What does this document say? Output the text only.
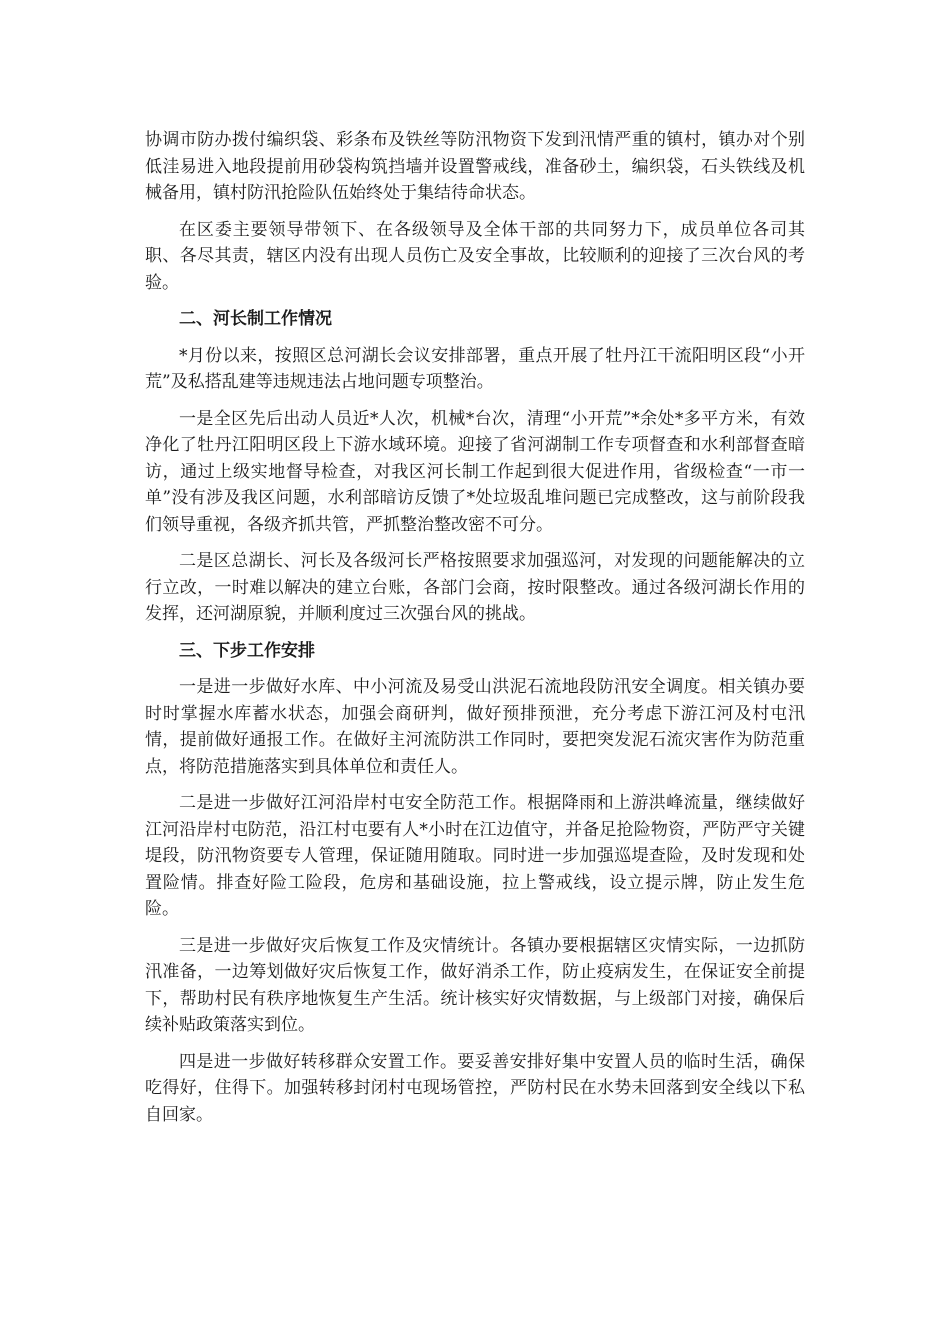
协调市防办拨付编织袋、彩条布及铁丝等防汛物资下发到汛情严重的镇村，镇办对个别低洼易进入地段提前用砂袋构筑挡墙并设置警戒线，准备砂土，编织袋，石头铁线及机械备用，镇村防汛抢险队伍始终处于集结待命状态。

在区委主要领导带领下、在各级领导及全体干部的共同努力下，成员单位各司其职、各尽其责，辖区内没有出现人员伤亡及安全事故，比较顺利的迎接了三次台风的考验。

二、河长制工作情况

*月份以来，按照区总河湖长会议安排部署，重点开展了牡丹江干流阳明区段“小开荒”及私搭乱建等违规违法占地问题专项整治。

一是全区先后出动人员近*人次，机械*台次，清理“小开荒”*余处*多平方米，有效净化了牡丹江阳明区段上下游水域环境。迎接了省河湖制工作专项督查和水利部督查暗访，通过上级实地督导检查，对我区河长制工作起到很大促进作用，省级检查“一市一单”没有涉及我区问题，水利部暗访反馈了*处垃圾乱堆问题已完成整改，这与前阶段我们领导重视，各级齐抓共管，严抓整治整改密不可分。

二是区总湖长、河长及各级河长严格按照要求加强巡河，对发现的问题能解决的立行立改，一时难以解决的建立台账，各部门会商，按时限整改。通过各级河湖长作用的发挥，还河湖原貌，并顺利度过三次强台风的挑战。

三、下步工作安排

一是进一步做好水库、中小河流及易受山洪泥石流地段防汛安全调度。相关镇办要时时掌握水库蓄水状态，加强会商研判，做好预排预泄，充分考虑下游江河及村屯汛情，提前做好通报工作。在做好主河流防洪工作同时，要把突发泥石流灾害作为防范重点，将防范措施落实到具体单位和责任人。

二是进一步做好江河沿岸村屯安全防范工作。根据降雨和上游洪峰流量，继续做好江河沿岸村屯防范，沿江村屯要有人*小时在江边值守，并备足抢险物资，严防严守关键堤段，防汛物资要专人管理，保证随用随取。同时进一步加强巡堤查险，及时发现和处置险情。排查好险工险段，危房和基础设施，拉上警戒线，设立提示牌，防止发生危险。

三是进一步做好灾后恢复工作及灾情统计。各镇办要根据辖区灾情实际，一边抓防汛准备，一边筹划做好灾后恢复工作，做好消杀工作，防止疫病发生，在保证安全前提下，帮助村民有秩序地恢复生产生活。统计核实好灾情数据，与上级部门对接，确保后续补贴政策落实到位。

四是进一步做好转移群众安置工作。要妥善安排好集中安置人员的临时生活，确保吃得好，住得下。加强转移封闭村屯现场管控，严防村民在水势未回落到安全线以下私自回家。
